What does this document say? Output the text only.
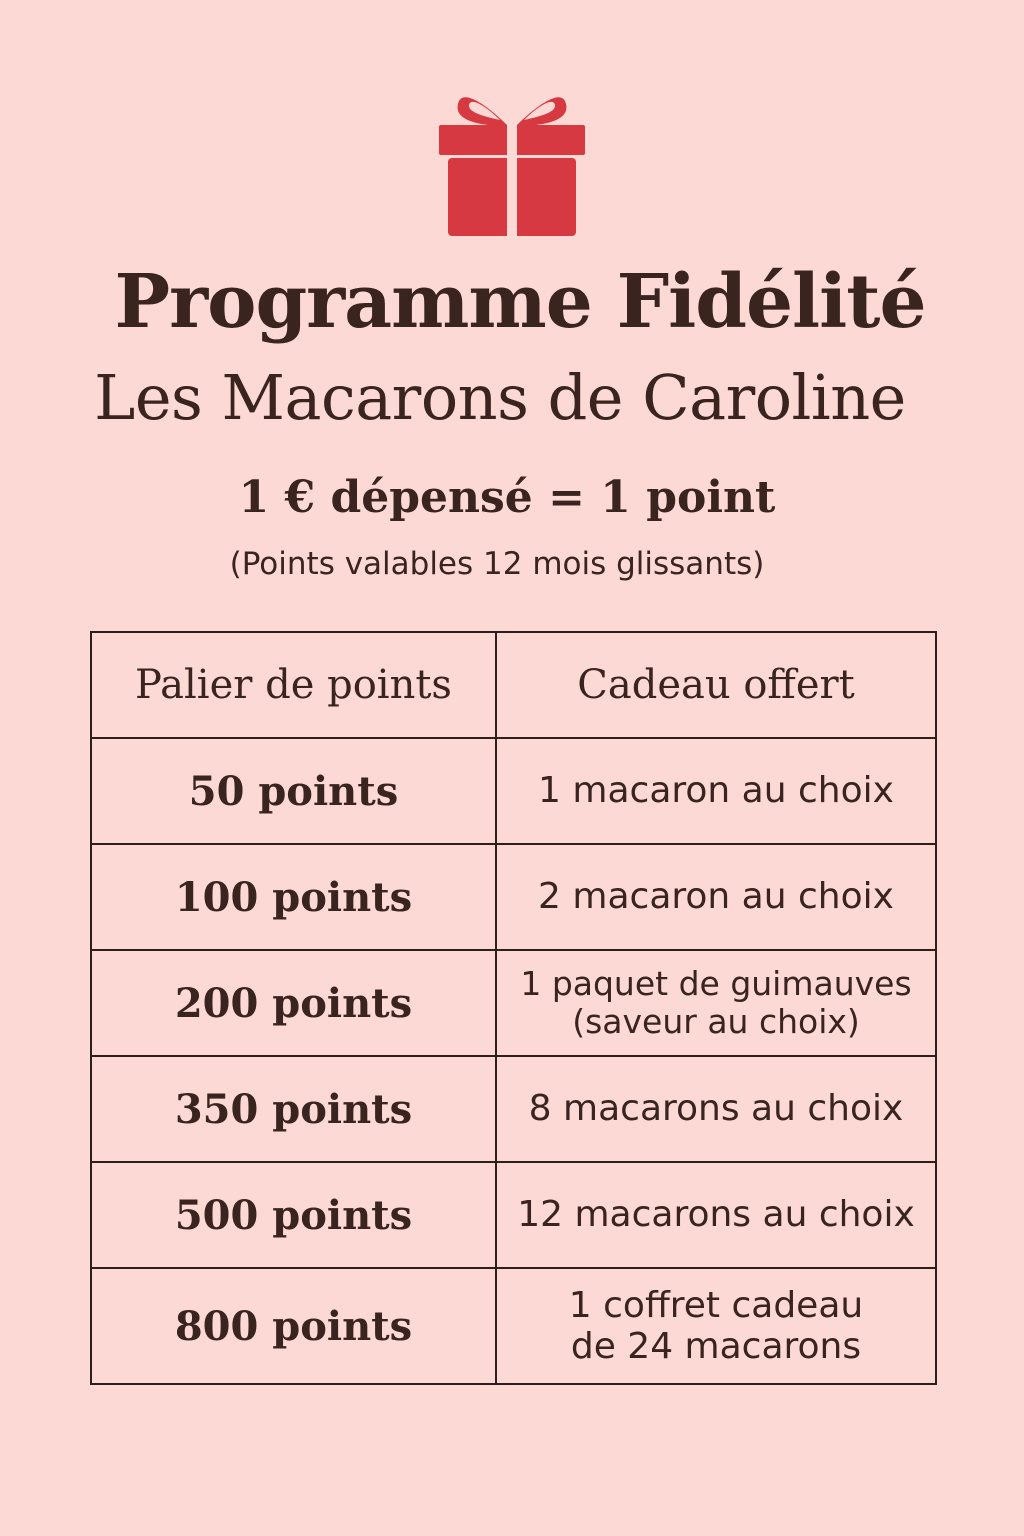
Programme Fidélité
Les Macarons de Caroline
1 € dépensé = 1 point
(Points valables 12 mois glissants)
Palier de points	Cadeau offert
50 points	1 macaron au choix
100 points	2 macaron au choix
200 points	1 paquet de guimauves
(saveur au choix)

350 points	8 macarons au choix
500 points	12 macarons au choix
800 points	1 coffret cadeau
de 24 macarons
